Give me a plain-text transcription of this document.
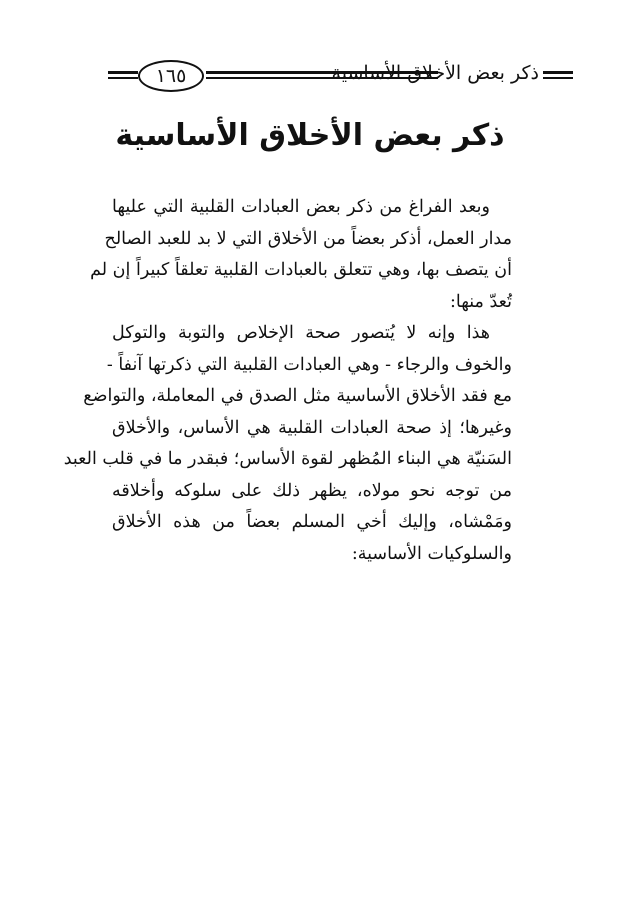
١٦٥	ذكر بعض الأخلاق الأساسية
ذكر بعض الأخلاق الأساسية
وبعد الفراغ من ذكر بعض العبادات القلبية التي عليها
مدار العمل، أذكر بعضاً من الأخلاق التي لا بد للعبد الصالح
أن يتصف بها، وهي تتعلق بالعبادات القلبية تعلقاً كبيراً إن لم
تُعدّ منها:
هذا وإنه لا يُتصور صحة الإخلاص والتوبة والتوكل
والخوف والرجاء - وهي العبادات القلبية التي ذكرتها آنفاً -
مع فقد الأخلاق الأساسية مثل الصدق في المعاملة، والتواضع
وغيرها؛ إذ صحة العبادات القلبية هي الأساس، والأخلاق
السَنيّة هي البناء المُظهر لقوة الأساس؛ فبقدر ما في قلب العبد
من توجه نحو مولاه، يظهر ذلك على سلوكه وأخلاقه
ومَمْشاه، وإليك أخي المسلم بعضاً من هذه الأخلاق
والسلوكيات الأساسية:
